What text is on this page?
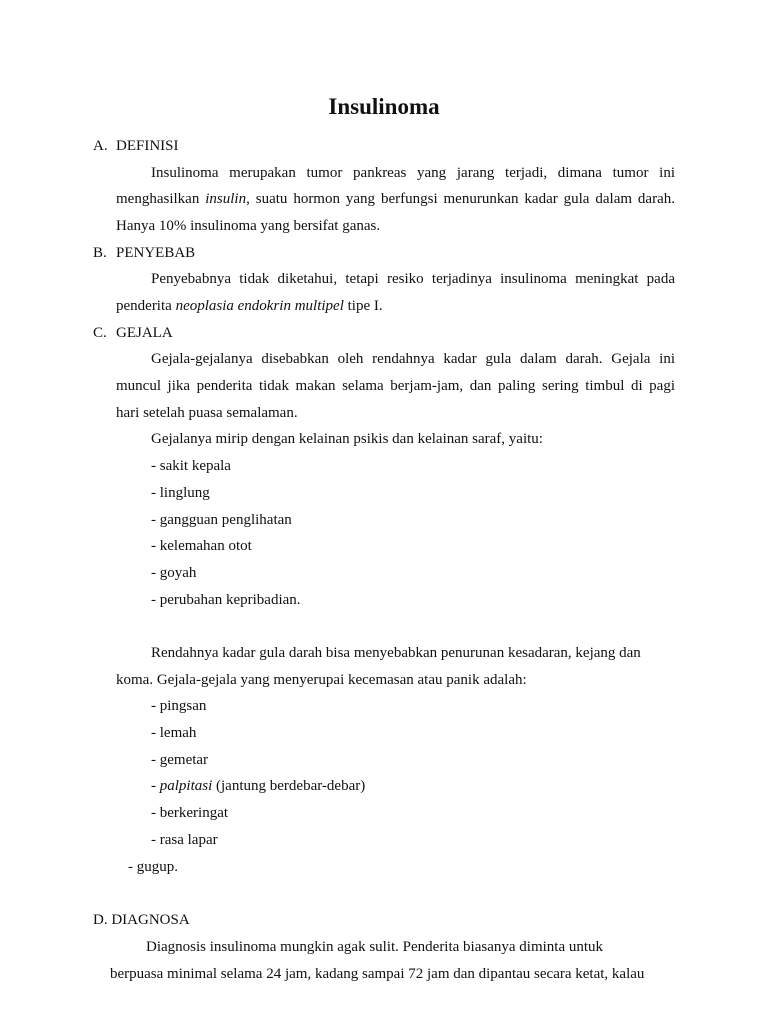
Insulinoma
A. DEFINISI
Insulinoma merupakan tumor pankreas yang jarang terjadi, dimana tumor ini
menghasilkan insulin, suatu hormon yang berfungsi menurunkan kadar gula dalam darah.
Hanya 10% insulinoma yang bersifat ganas.
B. PENYEBAB
Penyebabnya tidak diketahui, tetapi resiko terjadinya insulinoma meningkat pada
penderita neoplasia endokrin multipel tipe I.
C. GEJALA
Gejala-gejalanya disebabkan oleh rendahnya kadar gula dalam darah. Gejala ini
muncul jika penderita tidak makan selama berjam-jam, dan paling sering timbul di pagi
hari setelah puasa semalaman.
Gejalanya mirip dengan kelainan psikis dan kelainan saraf, yaitu:
- sakit kepala
- linglung
- gangguan penglihatan
- kelemahan otot
- goyah
- perubahan kepribadian.
Rendahnya kadar gula darah bisa menyebabkan penurunan kesadaran, kejang dan
koma. Gejala-gejala yang menyerupai kecemasan atau panik adalah:
- pingsan
- lemah
- gemetar
- palpitasi (jantung berdebar-debar)
- berkeringat
- rasa lapar
- gugup.
D. DIAGNOSA
Diagnosis insulinoma mungkin agak sulit. Penderita biasanya diminta untuk
berpuasa minimal selama 24 jam, kadang sampai 72 jam dan dipantau secara ketat, kalau
